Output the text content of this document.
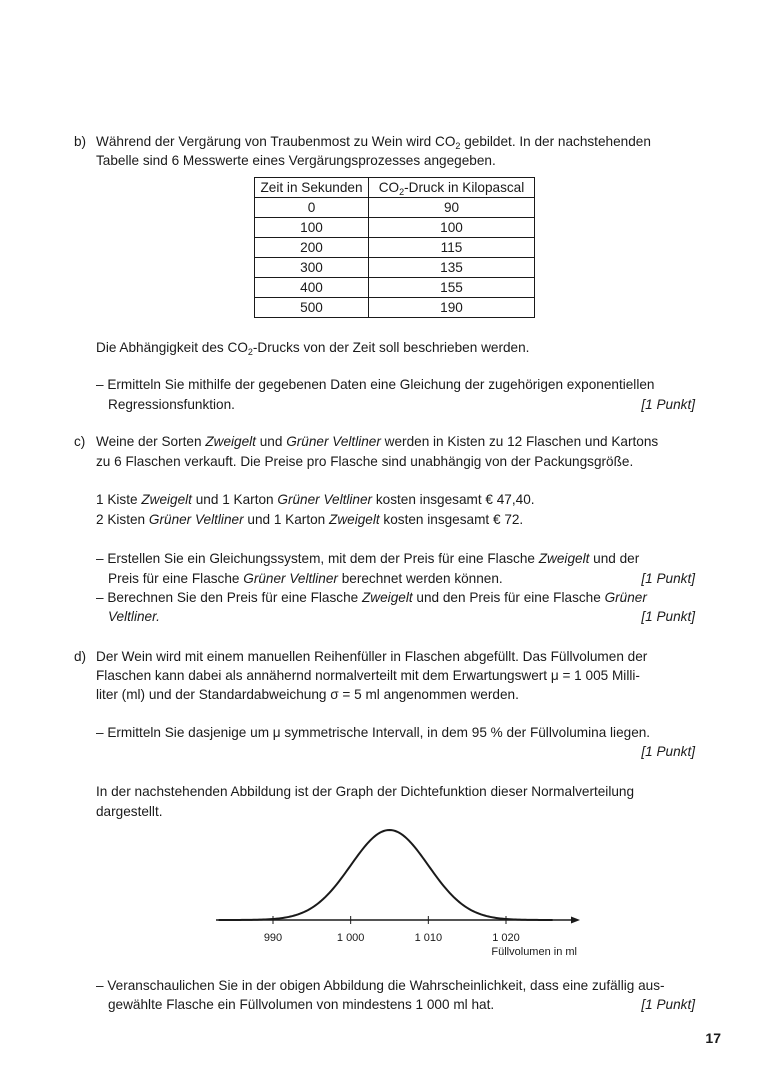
b) Während der Vergärung von Traubenmost zu Wein wird $CO_2$ gebildet. In der nachstehenden
Tabelle sind 6 Messwerte eines Vergärungsprozesses angegeben.
Zeit in Sekunden	$CO_2$-Druck in Kilopascal
0	90
100	100
200	115
300	135
400	155
500	190
Die Abhängigkeit des $CO_2$-Drucks von der Zeit soll beschrieben werden.
– Ermitteln Sie mithilfe der gegebenen Daten eine Gleichung der zugehörigen exponentiellen
Regressionsfunktion.	[1 Punkt]
c) Weine der Sorten Zweigelt und Grüner Veltliner werden in Kisten zu 12 Flaschen und Kartons
zu 6 Flaschen verkauft. Die Preise pro Flasche sind unabhängig von der Packungsgröße.
1 Kiste Zweigelt und 1 Karton Grüner Veltliner kosten insgesamt € 47,40.
2 Kisten Grüner Veltliner und 1 Karton Zweigelt kosten insgesamt € 72.
– Erstellen Sie ein Gleichungssystem, mit dem der Preis für eine Flasche Zweigelt und der
Preis für eine Flasche Grüner Veltliner berechnet werden können.	[1 Punkt]
– Berechnen Sie den Preis für eine Flasche Zweigelt und den Preis für eine Flasche Grüner
Veltliner.	[1 Punkt]
d) Der Wein wird mit einem manuellen Reihenfüller in Flaschen abgefüllt. Das Füllvolumen der
Flaschen kann dabei als annähernd normalverteilt mit dem Erwartungswert μ = 1 005 Milli-
liter (ml) und der Standardabweichung σ = 5 ml angenommen werden.
– Ermitteln Sie dasjenige um μ symmetrische Intervall, in dem 95 % der Füllvolumina liegen.
[1 Punkt]
In der nachstehenden Abbildung ist der Graph der Dichtefunktion dieser Normalverteilung
dargestellt.
990	1 000	1 010	1 020
Füllvolumen in ml
– Veranschaulichen Sie in der obigen Abbildung die Wahrscheinlichkeit, dass eine zufällig aus-
gewählte Flasche ein Füllvolumen von mindestens 1 000 ml hat.	[1 Punkt]
17
